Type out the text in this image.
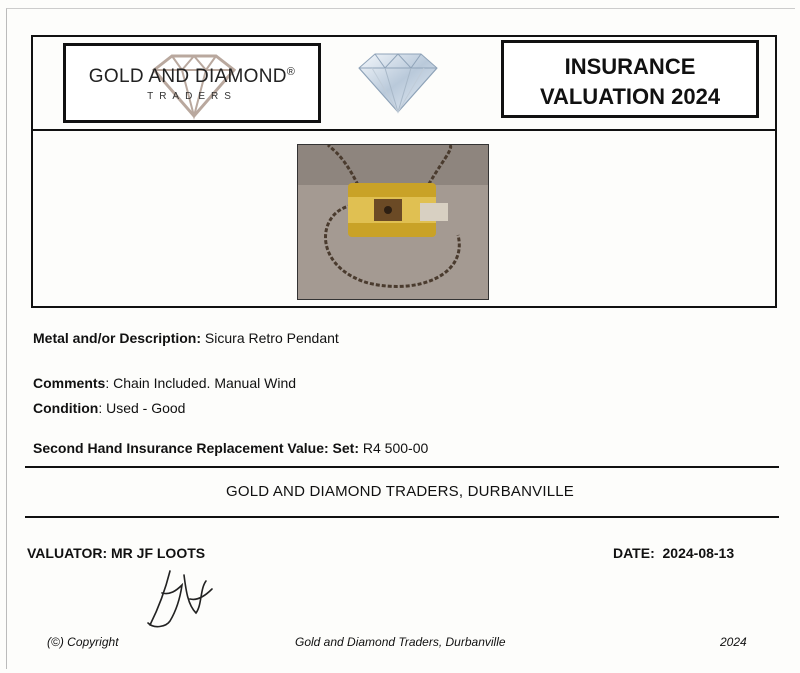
GOLD AND DIAMOND®
TRADERS
INSURANCE
VALUATION 2024
Metal and/or Description: Sicura Retro Pendant
Comments: Chain Included. Manual Wind
Condition: Used - Good
Second Hand Insurance Replacement Value: Set: R4 500-00
GOLD AND DIAMOND TRADERS, DURBANVILLE
VALUATOR: MR JF LOOTS	DATE: 2024-08-13
(©) Copyright	Gold and Diamond Traders, Durbanville	2024
